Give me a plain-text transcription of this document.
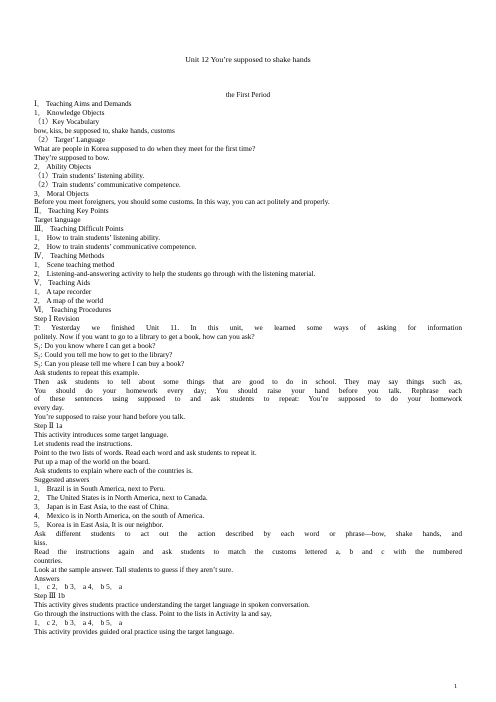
Unit 12 You’re supposed to shake hands
the First Period
Ⅰ． Teaching Aims and Demands
1． Knowledge Objects
（1）Key Vocabulary
bow, kiss, be supposed to, shake hands, customs
（2） Target’ Language
What are people in Korea supposed to do when they meet for the first time?
They’re supposed to bow.
2． Ability Objects
（1）Train students’ listening ability.
（2）Train students’ communicative competence.
3． Moral Objects
Before you meet foreigners, you should some customs. In this way, you can act politely and properly.
Ⅱ． Teaching Key Points
Target language
Ⅲ． Teaching Difficult Points
1． How to train students’ listening ability.
2． How to train students’ communicative competence.
Ⅳ． Teaching Methods
1． Scene teaching method
2． Listening-and-answering activity to help the students go through with the listening material.
Ⅴ． Teaching Aids
1． A tape recorder
2． A map of the world
Ⅵ． Teaching Procedures
Step Ⅰ Revision
T: Yesterday we finished Unit 11. In this unit, we learned some ways of asking for information
politely. Now if you want to go to a library to get a book, how can you ask?
S₁: Do you know where I can get a book?
S₂: Could you tell me how to get to the library?
S₃: Can you please tell me where I can buy a book?
Ask students to repeat this example.
Then ask students to tell about some things that are good to do in school. They may say things such as,
You should do your homework every day; You should raise your hand before you talk. Rephrase each
of these sentences using supposed to and ask students to repeat: You’re supposed to do your homework
every day.
You’re supposed to raise your hand before you talk.
Step Ⅱ 1a
This activity introduces some target language.
Let students read the instructions.
Point to the two lists of words. Read each word and ask students to repeat it.
Put up a map of the world on the board.
Ask students to explain where each of the countries is.
Suggested answers
1． Brazil is in South America, next to Peru.
2． The United States is in North America, next to Canada.
3． Japan is in East Asia, to the east of China.
4． Mexico is in North America, on the south of America.
5． Korea is in East Asia, It is our neighbor.
Ask different students to act out the action described by each word or phrase—bow, shake hands, and
kiss.
Read the instructions again and ask students to match the customs lettered a, b and c with the numbered
countries.
Look at the sample answer. Tall students to guess if they aren’t sure.
Answers
1． c 2． b 3． a 4． b 5． a
Step Ⅲ 1b
This activity gives students practice understanding the target language in spoken conversation.
Go through the instructions with the class. Point to the lists in Activity la and say,
1． c 2． b 3． a 4． b 5． a
This activity provides guided oral practice using the target language.
1
